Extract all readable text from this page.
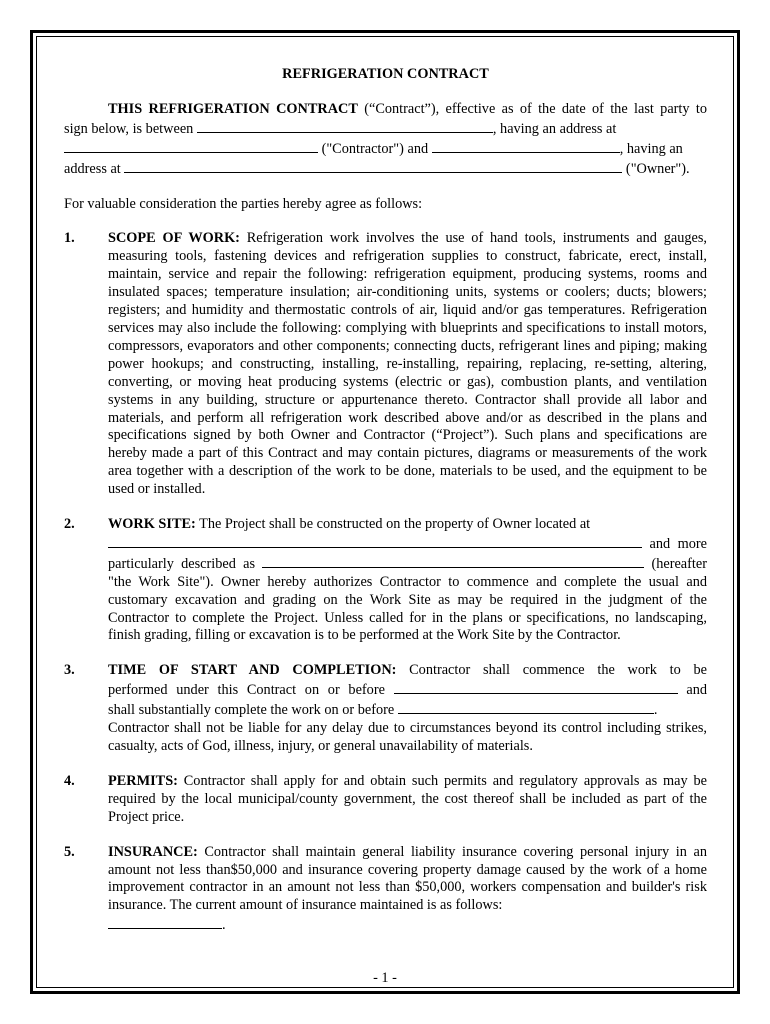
REFRIGERATION CONTRACT

THIS REFRIGERATION CONTRACT (“Contract”), effective as of the date of the last party to
sign below, is between	, having an address at
("Contractor") and	, having an
address at	("Owner").

For valuable consideration the parties hereby agree as follows:

1.	SCOPE OF WORK: Refrigeration work involves the use of hand tools, instruments and gauges, measuring tools, fastening devices and refrigeration supplies to construct, fabricate, erect, install, maintain, service and repair the following: refrigeration equipment, producing systems, rooms and insulated spaces; temperature insulation; air-conditioning units, systems or coolers; ducts; blowers; registers; and humidity and thermostatic controls of air, liquid and/or gas temperatures. Refrigeration services may also include the following: complying with blueprints and specifications to install motors, compressors, evaporators and other components; connecting ducts, refrigerant lines and piping; making power hookups; and constructing, installing, re-installing, repairing, replacing, re-setting, altering, converting, or moving heat producing systems (electric or gas), combustion plants, and ventilation systems in any building, structure or appurtenance thereto. Contractor shall provide all labor and materials, and perform all refrigeration work described above and/or as described in the plans and specifications signed by both Owner and Contractor (“Project”). Such plans and specifications are hereby made a part of this Contract and may contain pictures, diagrams or measurements of the work area together with a description of the work to be done, materials to be used, and the equipment to be used or installed.
2.	WORK SITE: The Project shall be constructed on the property of Owner located at
and more
particularly described as	(hereafter
"the Work Site"). Owner hereby authorizes Contractor to commence and complete the usual and customary excavation and grading on the Work Site as may be required in the judgment of the Contractor to complete the Project. Unless called for in the plans or specifications, no landscaping, finish grading, filling or excavation is to be performed at the Work Site by the Contractor.
3.	TIME OF START AND COMPLETION: Contractor shall commence the work to be
performed under this Contract on or before	and
shall substantially complete the work on or before	.
Contractor shall not be liable for any delay due to circumstances beyond its control including strikes, casualty, acts of God, illness, injury, or general unavailability of materials.
4.	PERMITS: Contractor shall apply for and obtain such permits and regulatory approvals as may be required by the local municipal/county government, the cost thereof shall be included as part of the Project price.
5.	INSURANCE: Contractor shall maintain general liability insurance covering personal injury in an amount not less than$50,000 and insurance covering property damage caused by the work of a home improvement contractor in an amount not less than $50,000, workers compensation and builder's risk insurance. The current amount of insurance maintained is as follows:
.
- 1 -
